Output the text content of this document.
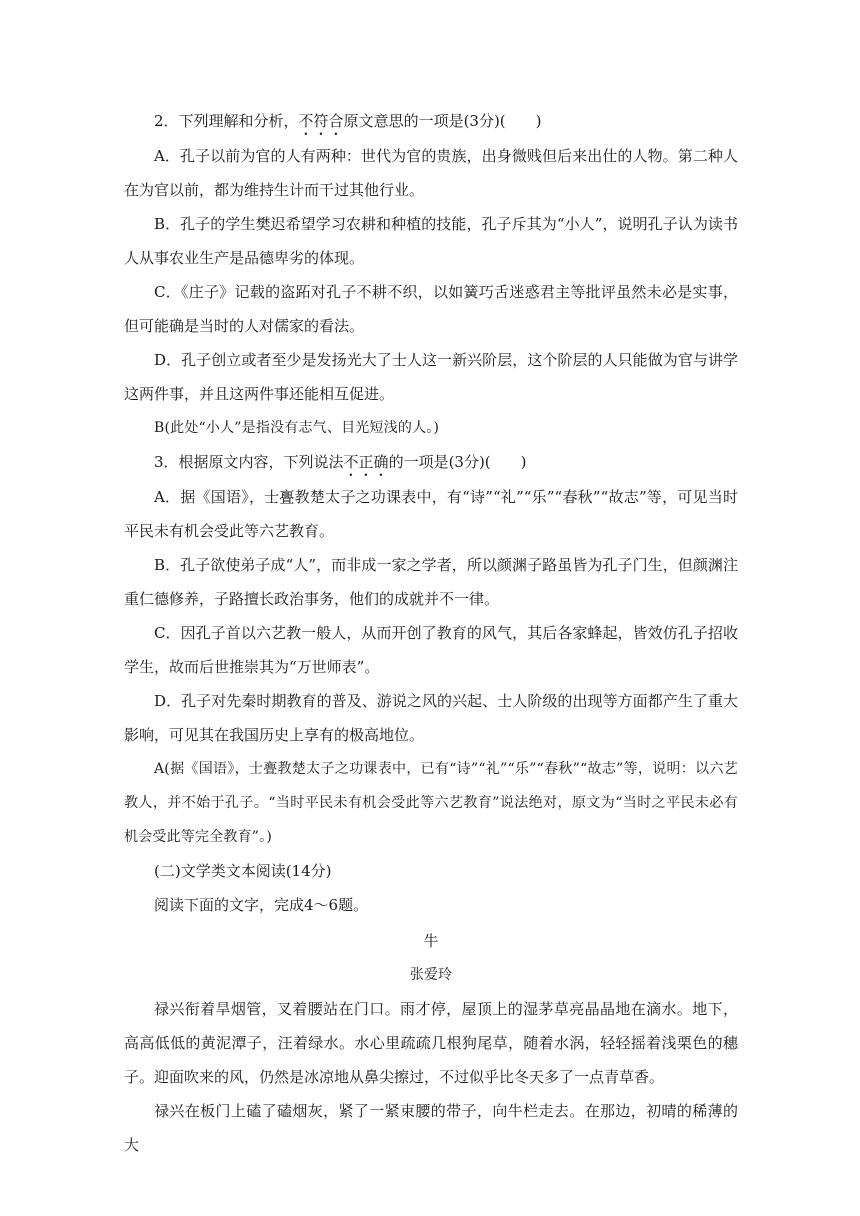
2．下列理解和分析，不符合原文意思的一项是(3分)(　　)

A．孔子以前为官的人有两种：世代为官的贵族，出身微贱但后来出仕的人物。第二种人在为官以前，都为维持生计而干过其他行业。

B．孔子的学生樊迟希望学习农耕和种植的技能，孔子斥其为“小人”，说明孔子认为读书人从事农业生产是品德卑劣的体现。

C．《庄子》记载的盗跖对孔子不耕不织，以如簧巧舌迷惑君主等批评虽然未必是实事，但可能确是当时的人对儒家的看法。

D．孔子创立或者至少是发扬光大了士人这一新兴阶层，这个阶层的人只能做为官与讲学这两件事，并且这两件事还能相互促进。

B(此处“小人”是指没有志气、目光短浅的人。)

3．根据原文内容，下列说法不正确的一项是(3分)(　　)

A．据《国语》，士亹教楚太子之功课表中，有“诗”“礼”“乐”“春秋”“故志”等，可见当时平民未有机会受此等六艺教育。

B．孔子欲使弟子成“人”，而非成一家之学者，所以颜渊子路虽皆为孔子门生，但颜渊注重仁德修养，子路擅长政治事务，他们的成就并不一律。

C．因孔子首以六艺教一般人，从而开创了教育的风气，其后各家蜂起，皆效仿孔子招收学生，故而后世推崇其为“万世师表”。

D．孔子对先秦时期教育的普及、游说之风的兴起、士人阶级的出现等方面都产生了重大影响，可见其在我国历史上享有的极高地位。

A(据《国语》，士亹教楚太子之功课表中，已有“诗”“礼”“乐”“春秋”“故志”等，说明：以六艺教人，并不始于孔子。“当时平民未有机会受此等六艺教育”说法绝对，原文为“当时之平民未必有机会受此等完全教育”。)

(二)文学类文本阅读(14分)

阅读下面的文字，完成4～6题。

牛

张爱玲

禄兴衔着旱烟管，叉着腰站在门口。雨才停，屋顶上的湿茅草亮晶晶地在滴水。地下，高高低低的黄泥潭子，汪着绿水。水心里疏疏几根狗尾草，随着水涡，轻轻摇着浅栗色的穗子。迎面吹来的风，仍然是冰凉地从鼻尖擦过，不过似乎比冬天多了一点青草香。

禄兴在板门上磕了磕烟灰，紧了一紧束腰的带子，向牛栏走去。在那边，初晴的稀薄的大
